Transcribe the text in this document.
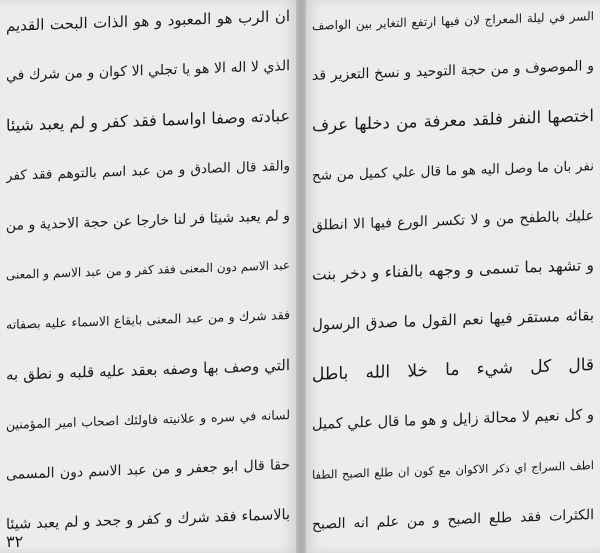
ان الرب هو المعبود و هو الذات البحت القديم
الذي لا اله الا هو يا تجلي الا كوان و من شرك في
عبادته وصفا اواسما فقد كفر و لم يعبد شيئا
والقد قال الصادق و من عبد اسم بالتوهم فقد كفر
و لم يعبد شيئا فر لنا خارجا عن حجة الاحدية و من
عبد الاسم دون المعنى فقد كفر و من عبد الاسم و المعنى
فقد شرك و من عبد المعنى بايقاع الاسماء عليه بصفاته
التي وصف بها وصفه بعقد عليه قلبه و نطق به
لسانه في سره و علانيته فاولئك اصحاب امير المؤمنين
حقا قال ابو جعفر و من عبد الاسم دون المسمى
بالاسماء فقد شرك و كفر و جحد و لم يعبد شيئا
٣٢
السر في ليلة المعراج لان فيها ارتفع التغاير بين الواصف
و الموصوف و من حجة التوحيد و نسخ التعزير قد
اختصها النفر فلقد معرفة من دخلها عرف
نفر بان ما وصل اليه هو ما قال علي كميل من شح
عليك بالطفح من و لا تكسر الورع فيها الا انطلق
و تشهد بما تسمى و وجهه بالفناء و دخر بنت
بقائه مستقر فيها نعم القول ما صدق الرسول
قال كل شيء ما خلا الله باطل
و كل نعيم لا محالة زايل و هو ما قال علي كميل
اطف السراج اي ذكر الاكوان مع كون ان طلع الصبح الطفا
الكثرات فقد طلع الصبح و من علم انه الصبح
